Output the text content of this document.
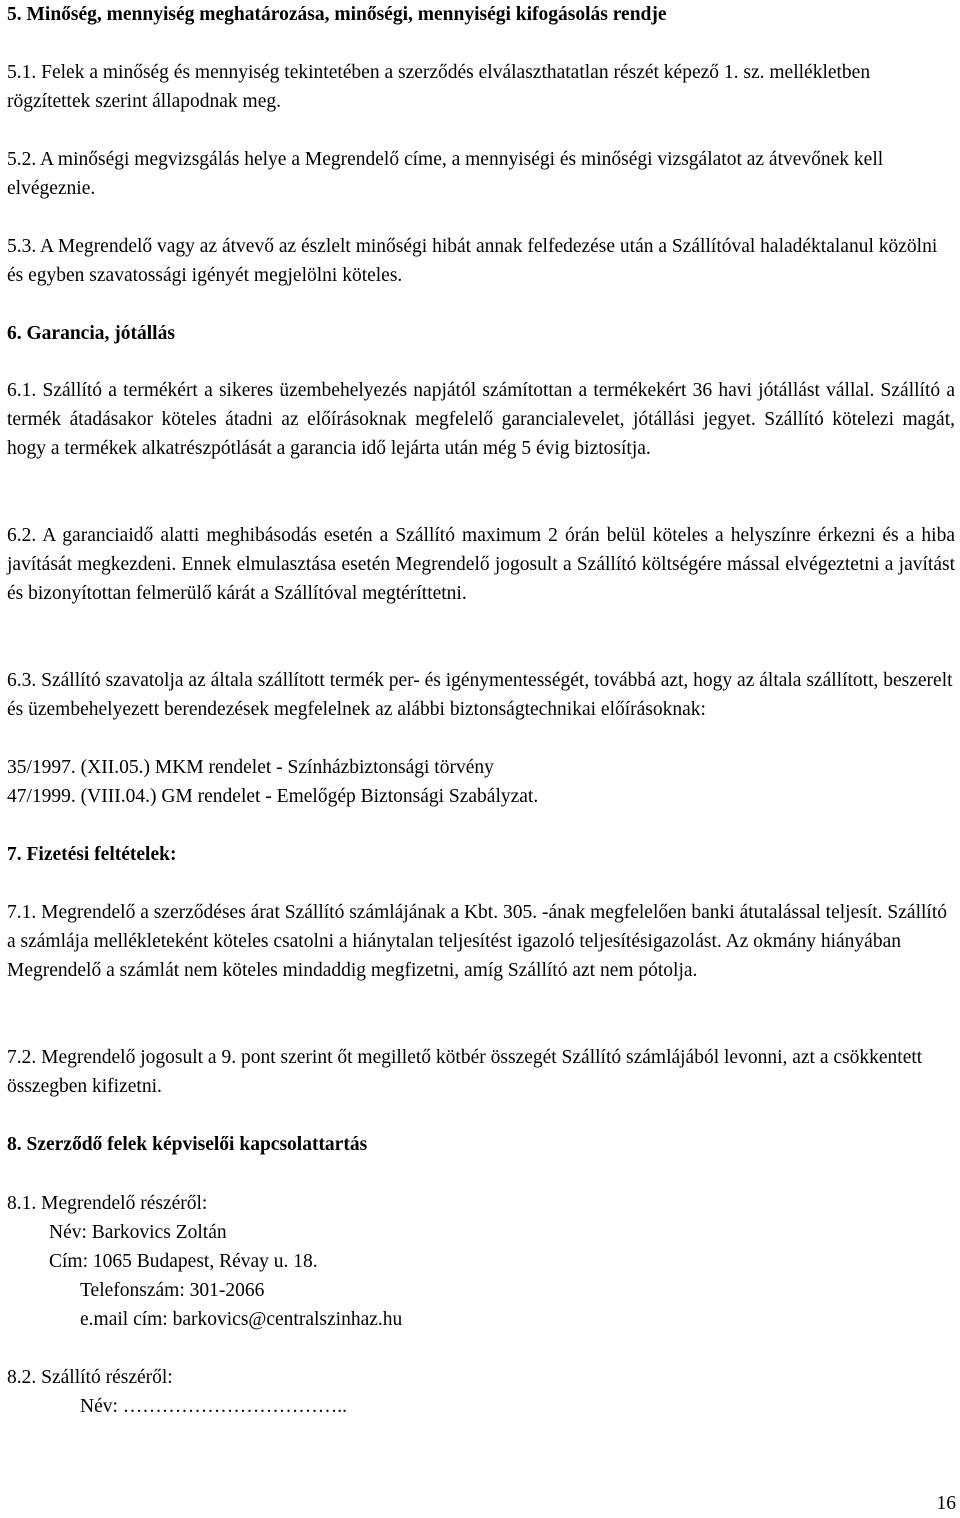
5. Minőség, mennyiség meghatározása, minőségi, mennyiségi kifogásolás rendje

5.1. Felek a minőség és mennyiség tekintetében a szerződés elválaszthatatlan részét képező 1. sz. mellékletben rögzítettek szerint állapodnak meg.

5.2. A minőségi megvizsgálás helye a Megrendelő címe, a mennyiségi és minőségi vizsgálatot az átvevőnek kell elvégeznie.

5.3. A Megrendelő vagy az átvevő az észlelt minőségi hibát annak felfedezése után a Szállítóval haladéktalanul közölni és egyben szavatossági igényét megjelölni köteles.

6. Garancia, jótállás

6.1. Szállító a termékért a sikeres üzembehelyezés napjától számítottan a termékekért 36 havi jótállást vállal. Szállító a termék átadásakor köteles átadni az előírásoknak megfelelő garancialevelet, jótállási jegyet. Szállító kötelezi magát, hogy a termékek alkatrészpótlását a garancia idő lejárta után még 5 évig biztosítja.

6.2. A garanciaidő alatti meghibásodás esetén a Szállító maximum 2 órán belül köteles a helyszínre érkezni és a hiba javítását megkezdeni. Ennek elmulasztása esetén Megrendelő jogosult a Szállító költségére mással elvégeztetni a javítást és bizonyítottan felmerülő kárát a Szállítóval megtéríttetni.

6.3. Szállító szavatolja az általa szállított termék per- és igénymentességét, továbbá azt, hogy az általa szállított, beszerelt és üzembehelyezett berendezések megfelelnek az alábbi biztonságtechnikai előírásoknak:

35/1997. (XII.05.) MKM rendelet - Színházbiztonsági törvény

47/1999. (VIII.04.) GM rendelet - Emelőgép Biztonsági Szabályzat.

7. Fizetési feltételek:

7.1. Megrendelő a szerződéses árat Szállító számlájának a Kbt. 305. -ának megfelelően banki átutalással teljesít. Szállító a számlája mellékleteként köteles csatolni a hiánytalan teljesítést igazoló teljesítésigazolást. Az okmány hiányában Megrendelő a számlát nem köteles mindaddig megfizetni, amíg Szállító azt nem pótolja.

7.2. Megrendelő jogosult a 9. pont szerint őt megillető kötbér összegét Szállító számlájából levonni, azt a csökkentett összegben kifizetni.

8. Szerződő felek képviselői kapcsolattartás

8.1. Megrendelő részéről:

Név: Barkovics Zoltán

Cím: 1065 Budapest, Révay u. 18.

Telefonszám: 301-2066

e.mail cím: barkovics@centralszinhaz.hu

8.2. Szállító részéről:

Név: ……………………………..

16
